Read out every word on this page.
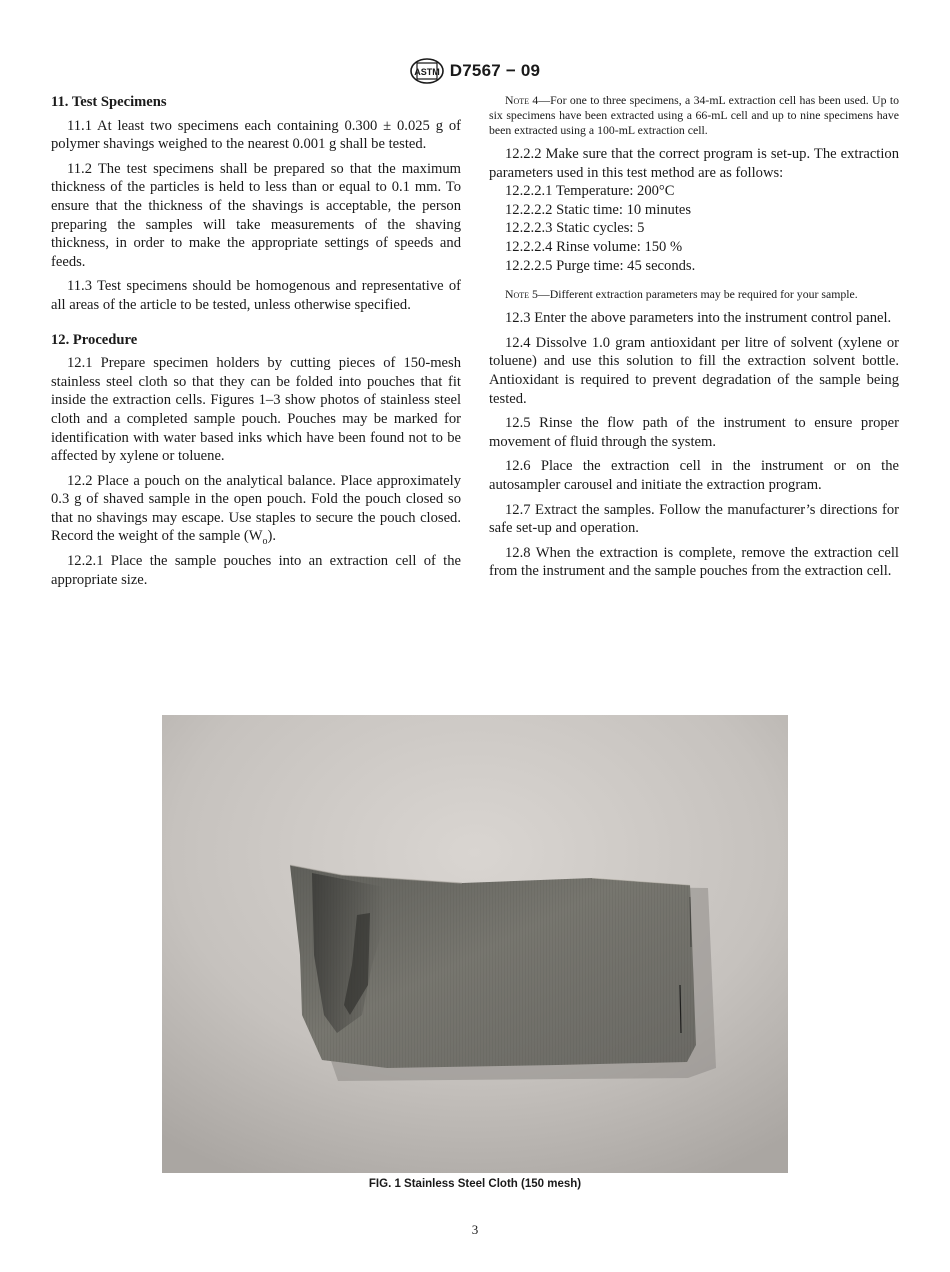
ASTM D7567 − 09

11. Test Specimens

11.1 At least two specimens each containing 0.300 ± 0.025 g of polymer shavings weighed to the nearest 0.001 g shall be tested.

11.2 The test specimens shall be prepared so that the maximum thickness of the particles is held to less than or equal to 0.1 mm. To ensure that the thickness of the shavings is acceptable, the person preparing the samples will take measurements of the shaving thickness, in order to make the appropriate settings of speeds and feeds.

11.3 Test specimens should be homogenous and representative of all areas of the article to be tested, unless otherwise specified.

12. Procedure

12.1 Prepare specimen holders by cutting pieces of 150-mesh stainless steel cloth so that they can be folded into pouches that fit inside the extraction cells. Figures 1–3 show photos of stainless steel cloth and a completed sample pouch. Pouches may be marked for identification with water based inks which have been found not to be affected by xylene or toluene.

12.2 Place a pouch on the analytical balance. Place approximately 0.3 g of shaved sample in the open pouch. Fold the pouch closed so that no shavings may escape. Use staples to secure the pouch closed. Record the weight of the sample $(W_o)$.

12.2.1 Place the sample pouches into an extraction cell of the appropriate size.

Note 4—For one to three specimens, a 34-mL extraction cell has been used. Up to six specimens have been extracted using a 66-mL cell and up to nine specimens have been extracted using a 100-mL extraction cell.

12.2.2 Make sure that the correct program is set-up. The extraction parameters used in this test method are as follows:

12.2.2.1 Temperature: 200°C

12.2.2.2 Static time: 10 minutes

12.2.2.3 Static cycles: 5

12.2.2.4 Rinse volume: 150 %

12.2.2.5 Purge time: 45 seconds.

Note 5—Different extraction parameters may be required for your sample.

12.3 Enter the above parameters into the instrument control panel.

12.4 Dissolve 1.0 gram antioxidant per litre of solvent (xylene or toluene) and use this solution to fill the extraction solvent bottle. Antioxidant is required to prevent degradation of the sample being tested.

12.5 Rinse the flow path of the instrument to ensure proper movement of fluid through the system.

12.6 Place the extraction cell in the instrument or on the autosampler carousel and initiate the extraction program.

12.7 Extract the samples. Follow the manufacturer’s directions for safe set-up and operation.

12.8 When the extraction is complete, remove the extraction cell from the instrument and the sample pouches from the extraction cell.

FIG. 1 Stainless Steel Cloth (150 mesh)
3
